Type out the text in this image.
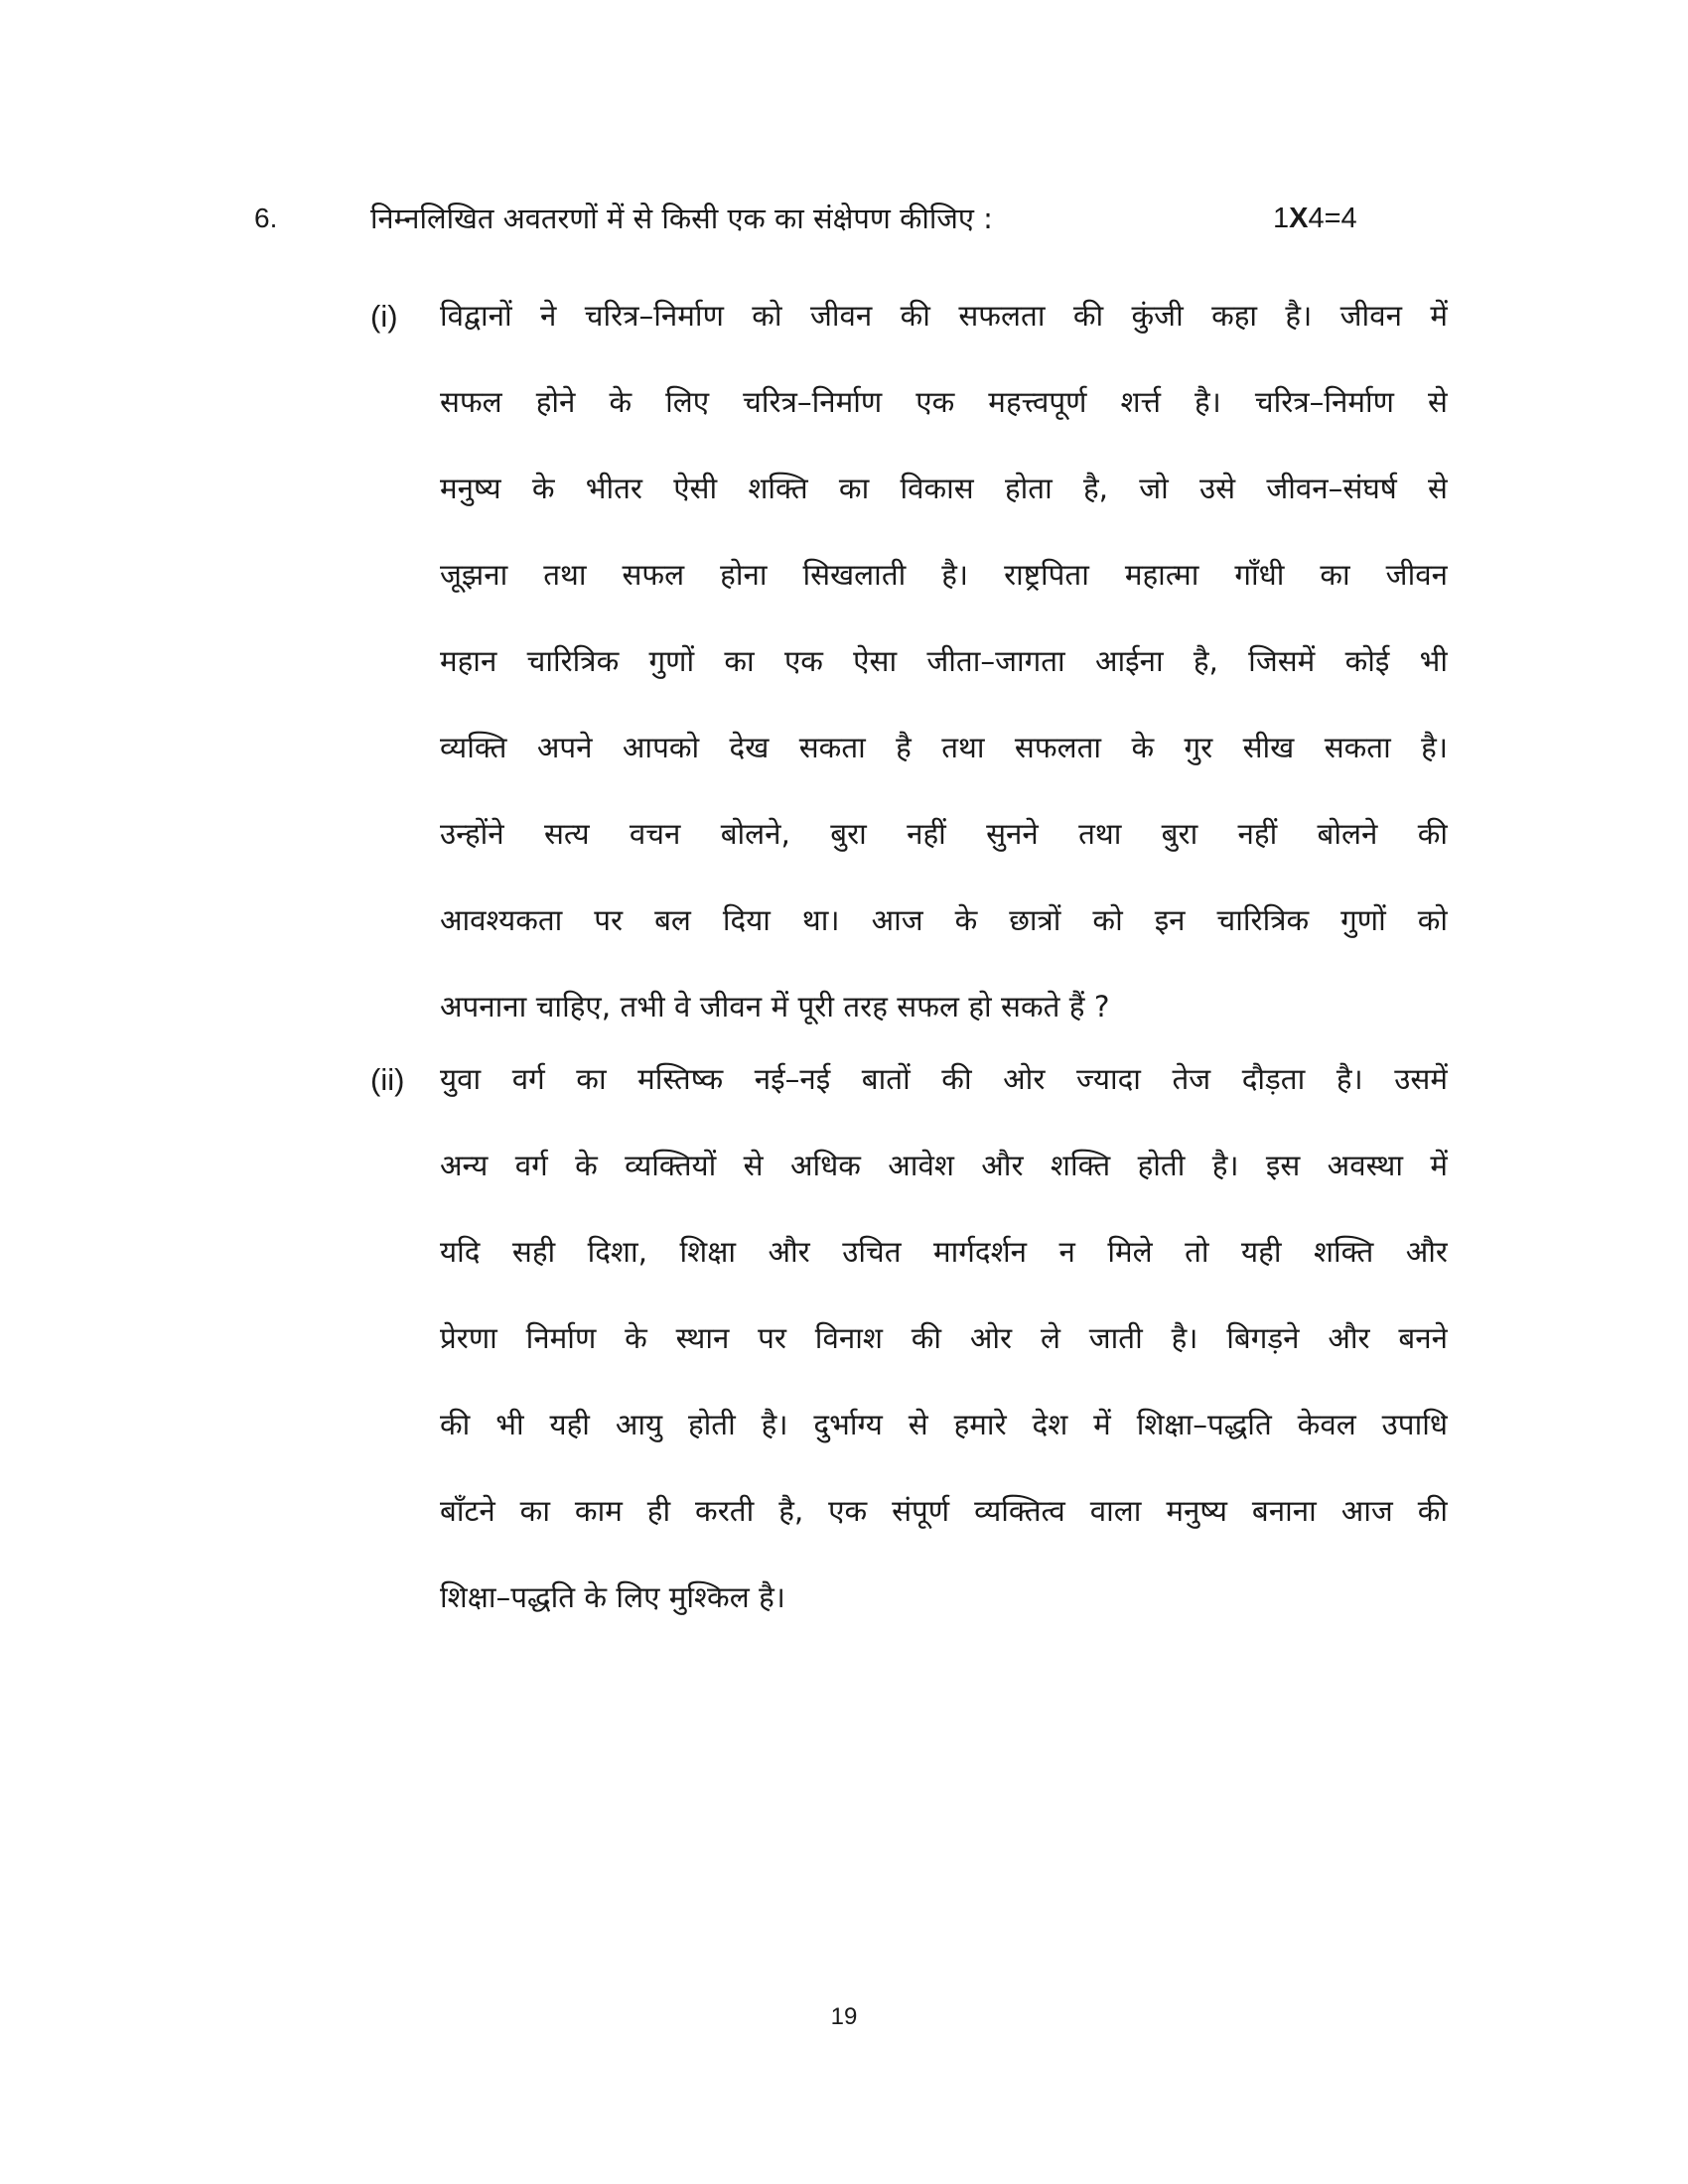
6.	निम्नलिखित अवतरणों में से किसी एक का संक्षेपण कीजिए :	1X4=4
(i) विद्वानों ने चरित्र–निर्माण को जीवन की सफलता की कुंजी कहा है। जीवन में
सफल होने के लिए चरित्र–निर्माण एक महत्त्वपूर्ण शर्त्त है। चरित्र–निर्माण से
मनुष्य के भीतर ऐसी शक्ति का विकास होता है, जो उसे जीवन–संघर्ष से
जूझना तथा सफल होना सिखलाती है। राष्ट्रपिता महात्मा गाँधी का जीवन
महान चारित्रिक गुणों का एक ऐसा जीता–जागता आईना है, जिसमें कोई भी
व्यक्ति अपने आपको देख सकता है तथा सफलता के गुर सीख सकता है।
उन्होंने सत्य वचन बोलने, बुरा नहीं सुनने तथा बुरा नहीं बोलने की
आवश्यकता पर बल दिया था। आज के छात्रों को इन चारित्रिक गुणों को
अपनाना चाहिए, तभी वे जीवन में पूरी तरह सफल हो सकते हैं ?
(ii) युवा वर्ग का मस्तिष्क नई–नई बातों की ओर ज्यादा तेज दौड़ता है। उसमें
अन्य वर्ग के व्यक्तियों से अधिक आवेश और शक्ति होती है। इस अवस्था में
यदि सही दिशा, शिक्षा और उचित मार्गदर्शन न मिले तो यही शक्ति और
प्रेरणा निर्माण के स्थान पर विनाश की ओर ले जाती है। बिगड़ने और बनने
की भी यही आयु होती है। दुर्भाग्य से हमारे देश में शिक्षा–पद्धति केवल उपाधि
बाँटने का काम ही करती है, एक संपूर्ण व्यक्तित्व वाला मनुष्य बनाना आज की
शिक्षा–पद्धति के लिए मुश्किल है।
19
